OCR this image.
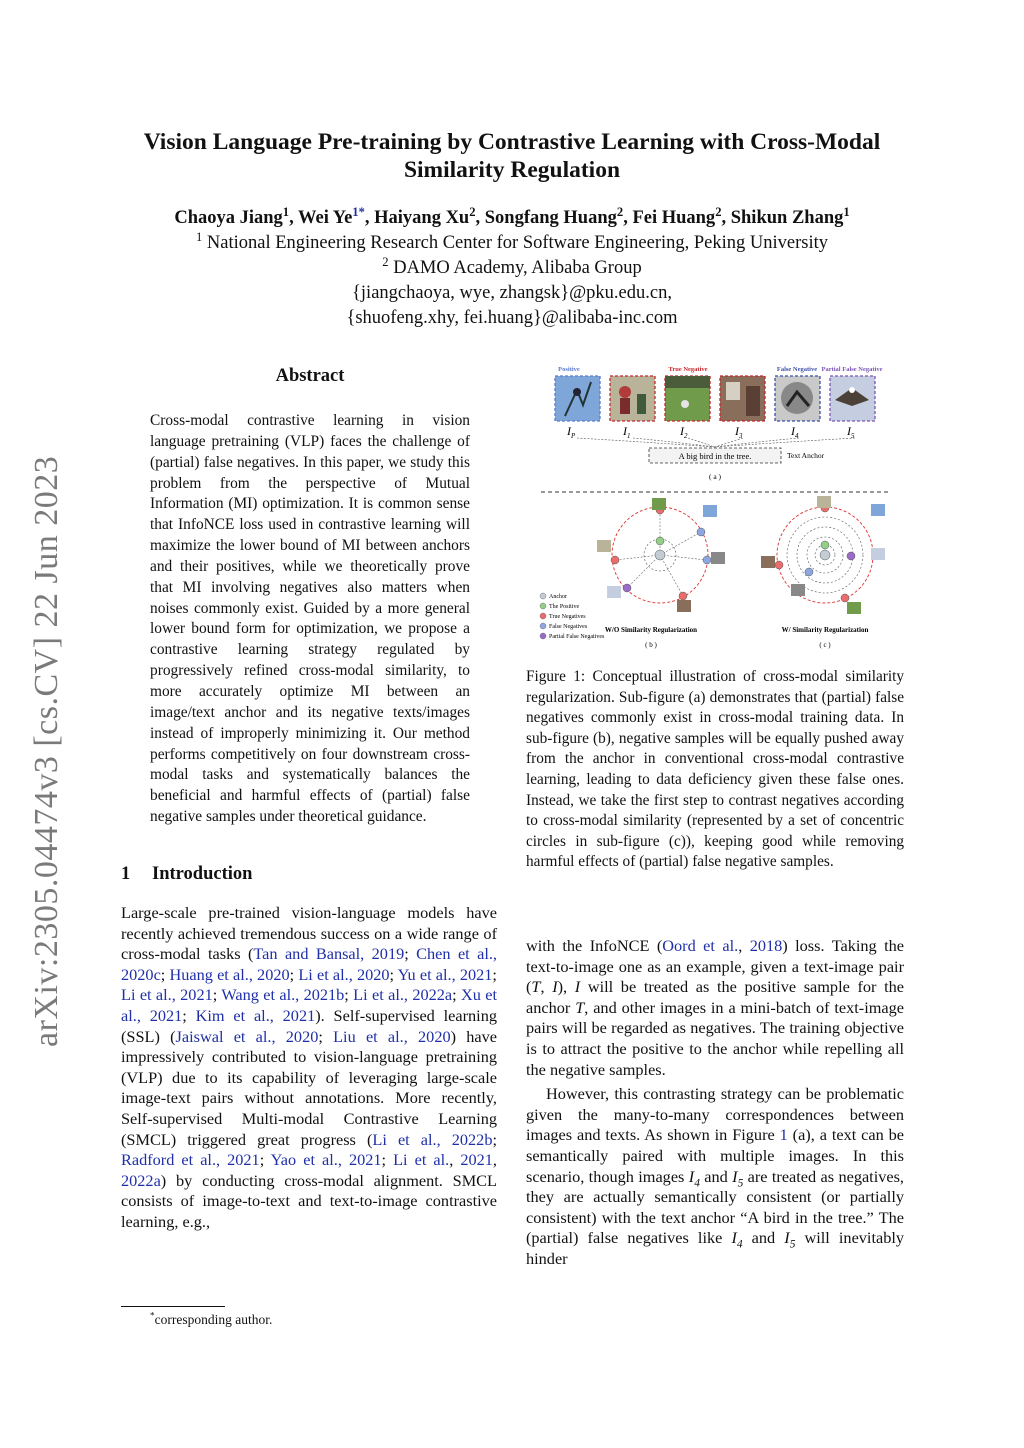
arXiv:2305.04474v3 [cs.CV] 22 Jun 2023
Vision Language Pre-training by Contrastive Learning with Cross-Modal Similarity Regulation
Chaoya Jiang$^1$, Wei $Ye^{1*}$, Haiyang Xu$^2$, Songfang Huang$^2$, Fei Huang$^2$, Shikun Zhang$^1$
$^1$ National Engineering Research Center for Software Engineering, Peking University
$^2$ DAMO Academy, Alibaba Group
{jiangchaoya, wye, zhangsk}@pku.edu.cn,
{shuofeng.xhy, fei.huang}@alibaba-inc.com
Abstract
Cross-modal contrastive learning in vision language pretraining (VLP) faces the challenge of (partial) false negatives. In this paper, we study this problem from the perspective of Mutual Information (MI) optimization. It is common sense that InfoNCE loss used in contrastive learning will maximize the lower bound of MI between anchors and their positives, while we theoretically prove that MI involving negatives also matters when noises commonly exist. Guided by a more general lower bound form for optimization, we propose a contrastive learning strategy regulated by progressively refined cross-modal similarity, to more accurately optimize MI between an image/text anchor and its negative texts/images instead of improperly minimizing it. Our method performs competitively on four downstream cross-modal tasks and systematically balances the beneficial and harmful effects of (partial) false negative samples under theoretical guidance.
1 Introduction
Large-scale pre-trained vision-language models have recently achieved tremendous success on a wide range of cross-modal tasks (Tan and Bansal, 2019; Chen et al., 2020c; Huang et al., 2020; Li et al., 2020; Yu et al., 2021; Li et al., 2021; Wang et al., 2021b; Li et al., 2022a; Xu et al., 2021; Kim et al., 2021). Self-supervised learning (SSL) (Jaiswal et al., 2020; Liu et al., 2020) have impressively contributed to vision-language pretraining (VLP) due to its capability of leveraging large-scale image-text pairs without annotations. More recently, Self-supervised Multi-modal Contrastive Learning (SMCL) triggered great progress (Li et al., 2022b; Radford et al., 2021; Yao et al., 2021; Li et al., 2021, 2022a) by conducting cross-modal alignment. SMCL consists of image-to-text and text-to-image contrastive learning, e.g.,
*corresponding author.
Positive	True Negative	False Negative Partial False Negative
$I_P$	$I_1$	$I_2$	$I_3$	$I_4$	$I_5$
A big bird in the tree.	Text Anchor
( a )
Anchor
The Positive
True Negatives
False Negatives
Partial False Negatives
W/O Similarity Regularization
( b )
W/ Similarity Regularization
( c )
Figure 1: Conceptual illustration of cross-modal similarity regularization. Sub-figure (a) demonstrates that (partial) false negatives commonly exist in cross-modal training data. In sub-figure (b), negative samples will be equally pushed away from the anchor in conventional cross-modal contrastive learning, leading to data deficiency given these false ones. Instead, we take the first step to contrast negatives according to cross-modal similarity (represented by a set of concentric circles in sub-figure (c)), keeping good while removing harmful effects of (partial) false negative samples.

with the InfoNCE (Oord et al., 2018) loss. Taking the text-to-image one as an example, given a text-image pair (T, I), I will be treated as the positive sample for the anchor T, and other images in a mini-batch of text-image pairs will be regarded as negatives. The training objective is to attract the positive to the anchor while repelling all the negative samples.

However, this contrasting strategy can be problematic given the many-to-many correspondences between images and texts. As shown in Figure 1 (a), a text can be semantically paired with multiple images. In this scenario, though images $I_4$ and $I_5$ are treated as negatives, they are actually semantically consistent (or partially consistent) with the text anchor “A bird in the tree.” The (partial) false negatives like $I_4$ and $I_5$ will inevitably hinder
